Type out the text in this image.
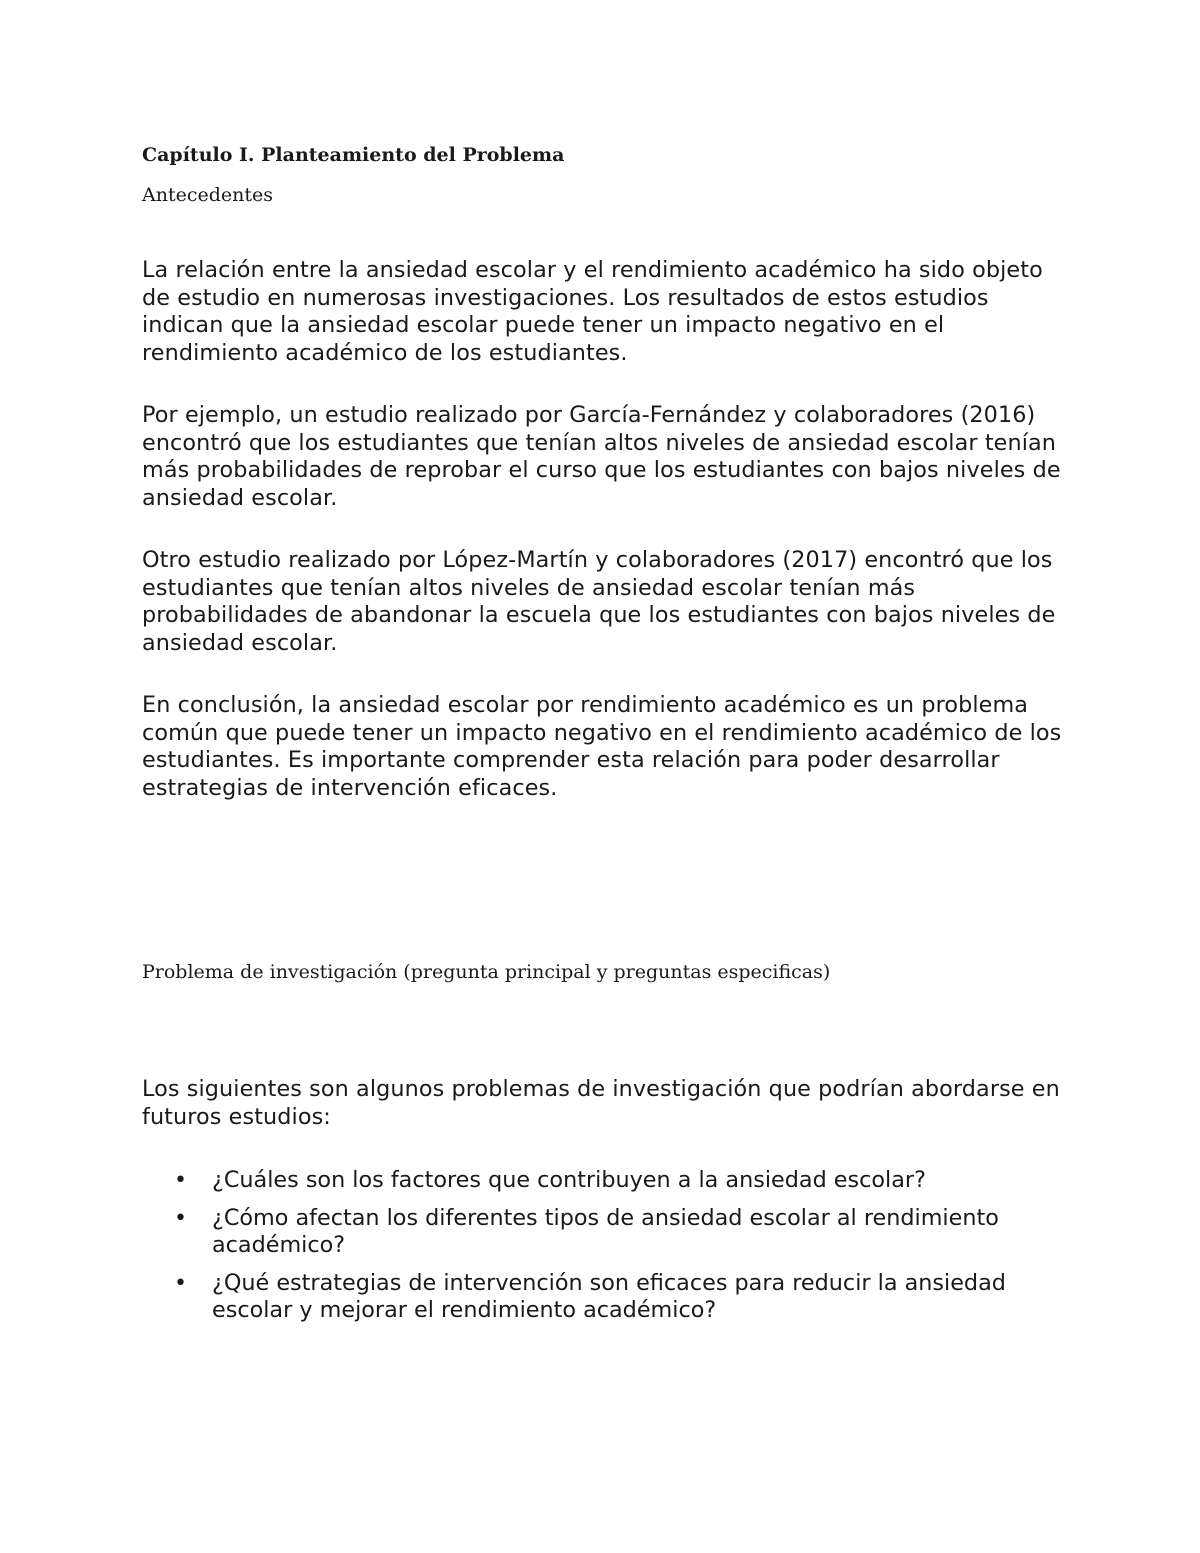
Capítulo I. Planteamiento del Problema
Antecedentes

La relación entre la ansiedad escolar y el rendimiento académico ha sido objeto de estudio en numerosas investigaciones. Los resultados de estos estudios indican que la ansiedad escolar puede tener un impacto negativo en el rendimiento académico de los estudiantes.

Por ejemplo, un estudio realizado por García-Fernández y colaboradores (2016) encontró que los estudiantes que tenían altos niveles de ansiedad escolar tenían más probabilidades de reprobar el curso que los estudiantes con bajos niveles de ansiedad escolar.

Otro estudio realizado por López-Martín y colaboradores (2017) encontró que los estudiantes que tenían altos niveles de ansiedad escolar tenían más probabilidades de abandonar la escuela que los estudiantes con bajos niveles de ansiedad escolar.

En conclusión, la ansiedad escolar por rendimiento académico es un problema común que puede tener un impacto negativo en el rendimiento académico de los estudiantes. Es importante comprender esta relación para poder desarrollar estrategias de intervención eficaces.

Problema de investigación (pregunta principal y preguntas especificas)

Los siguientes son algunos problemas de investigación que podrían abordarse en futuros estudios:

• ¿Cuáles son los factores que contribuyen a la ansiedad escolar?
• ¿Cómo afectan los diferentes tipos de ansiedad escolar al rendimiento académico?
• ¿Qué estrategias de intervención son eficaces para reducir la ansiedad escolar y mejorar el rendimiento académico?
